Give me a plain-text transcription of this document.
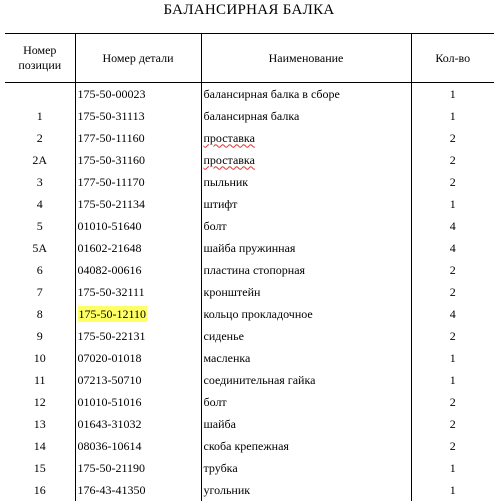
БАЛАНСИРНАЯ БАЛКА
Номер
позиции	Номер детали	Наименование	Кол-во
	175-50-00023	балансирная балка в сборе	1
1	175-50-31113	балансирная балка	1
2	177-50-11160	проставка	2
2A	175-50-31160	проставка	2
3	177-50-11170	пыльник	2
4	175-50-21134	штифт	1
5	01010-51640	болт	4
5A	01602-21648	шайба пружинная	4
6	04082-00616	пластина стопорная	2
7	175-50-32111	кронштейн	2
8	175-50-12110	кольцо прокладочное	4
9	175-50-22131	сиденье	2
10	07020-01018	масленка	1
11	07213-50710	соединительная гайка	1
12	01010-51016	болт	2
13	01643-31032	шайба	2
14	08036-10614	скоба крепежная	2
15	175-50-21190	трубка	1
16	176-43-41350	угольник	1
